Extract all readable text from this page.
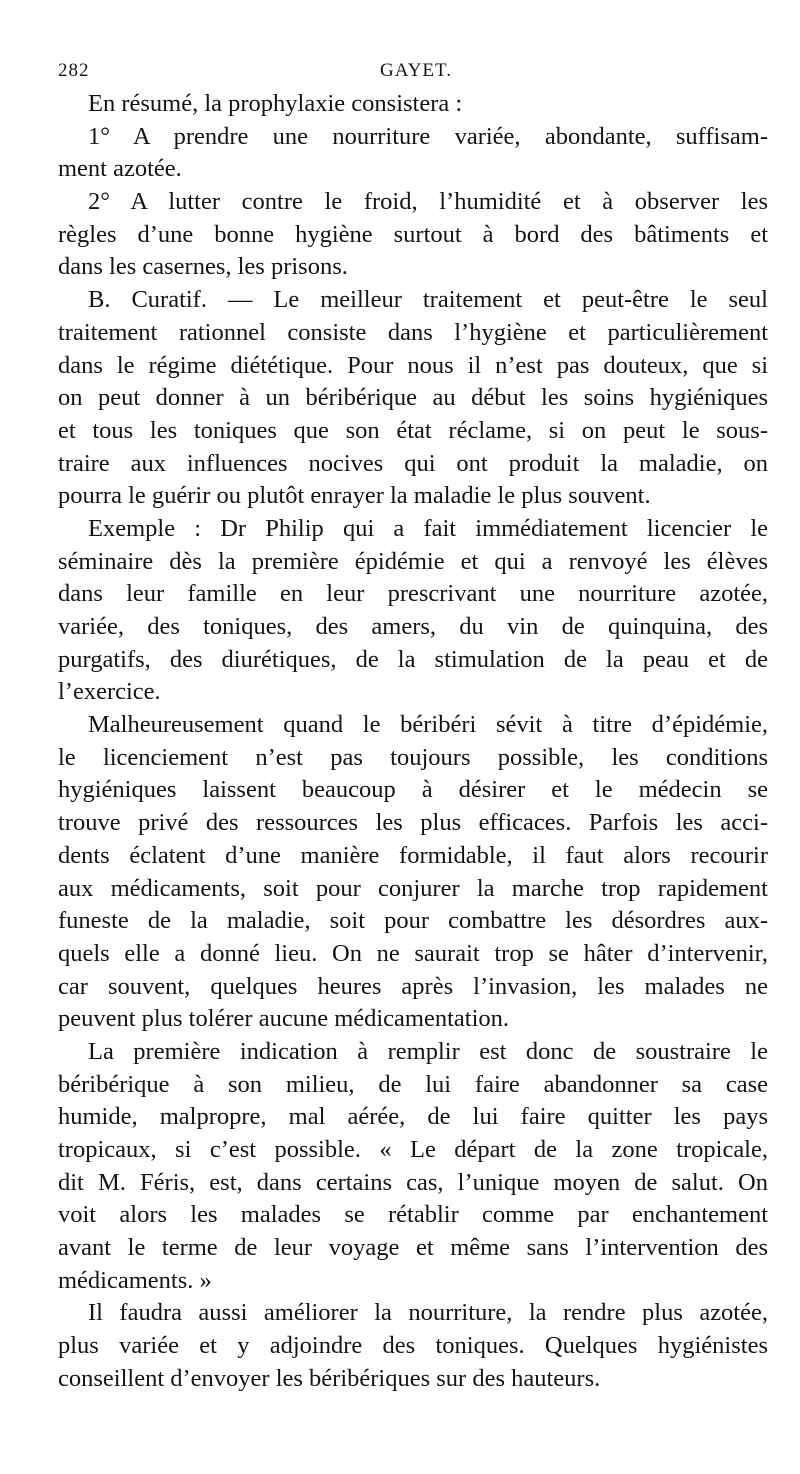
282	GAYET.
En résumé, la prophylaxie consistera :
1° A prendre une nourriture variée, abondante, suffisam-
ment azotée.
2° A lutter contre le froid, l’humidité et à observer les
règles d’une bonne hygiène surtout à bord des bâtiments et
dans les casernes, les prisons.
B. Curatif. — Le meilleur traitement et peut-être le seul
traitement rationnel consiste dans l’hygiène et particulièrement
dans le régime diététique. Pour nous il n’est pas douteux, que si
on peut donner à un béribérique au début les soins hygiéniques
et tous les toniques que son état réclame, si on peut le sous-
traire aux influences nocives qui ont produit la maladie, on
pourra le guérir ou plutôt enrayer la maladie le plus souvent.
Exemple : Dr Philip qui a fait immédiatement licencier le
séminaire dès la première épidémie et qui a renvoyé les élèves
dans leur famille en leur prescrivant une nourriture azotée,
variée, des toniques, des amers, du vin de quinquina, des
purgatifs, des diurétiques, de la stimulation de la peau et de
l’exercice.
Malheureusement quand le béribéri sévit à titre d’épidémie,
le licenciement n’est pas toujours possible, les conditions
hygiéniques laissent beaucoup à désirer et le médecin se
trouve privé des ressources les plus efficaces. Parfois les acci-
dents éclatent d’une manière formidable, il faut alors recourir
aux médicaments, soit pour conjurer la marche trop rapidement
funeste de la maladie, soit pour combattre les désordres aux-
quels elle a donné lieu. On ne saurait trop se hâter d’intervenir,
car souvent, quelques heures après l’invasion, les malades ne
peuvent plus tolérer aucune médicamentation.
La première indication à remplir est donc de soustraire le
béribérique à son milieu, de lui faire abandonner sa case
humide, malpropre, mal aérée, de lui faire quitter les pays
tropicaux, si c’est possible. « Le départ de la zone tropicale,
dit M. Féris, est, dans certains cas, l’unique moyen de salut. On
voit alors les malades se rétablir comme par enchantement
avant le terme de leur voyage et même sans l’intervention des
médicaments. »
Il faudra aussi améliorer la nourriture, la rendre plus azotée,
plus variée et y adjoindre des toniques. Quelques hygiénistes
conseillent d’envoyer les béribériques sur des hauteurs.
